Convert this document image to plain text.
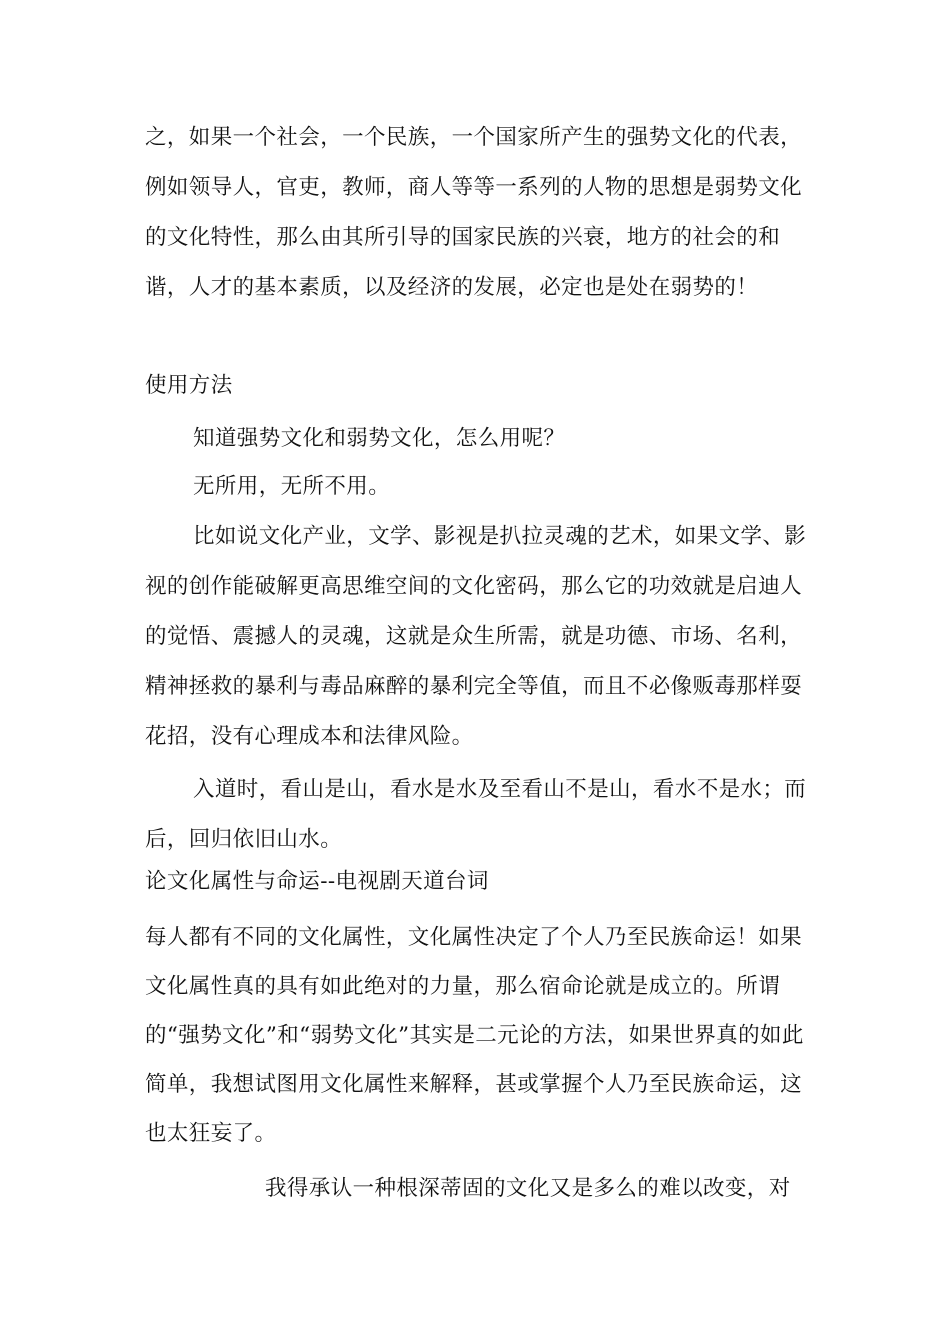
之，如果一个社会，一个民族，一个国家所产生的强势文化的代表，例如领导人，官吏，教师，商人等等一系列的人物的思想是弱势文化的文化特性，那么由其所引导的国家民族的兴衰，地方的社会的和谐，人才的基本素质，以及经济的发展，必定也是处在弱势的！

使用方法

知道强势文化和弱势文化，怎么用呢？

无所用，无所不用。

比如说文化产业，文学、影视是扒拉灵魂的艺术，如果文学、影视的创作能破解更高思维空间的文化密码，那么它的功效就是启迪人的觉悟、震撼人的灵魂，这就是众生所需，就是功德、市场、名利，精神拯救的暴利与毒品麻醉的暴利完全等值，而且不必像贩毒那样耍花招，没有心理成本和法律风险。

入道时，看山是山，看水是水及至看山不是山，看水不是水；而后，回归依旧山水。

论文化属性与命运--电视剧天道台词

每人都有不同的文化属性，文化属性决定了个人乃至民族命运！如果文化属性真的具有如此绝对的力量，那么宿命论就是成立的。所谓的“强势文化”和“弱势文化”其实是二元论的方法，如果世界真的如此简单，我想试图用文化属性来解释，甚或掌握个人乃至民族命运，这也太狂妄了。

我得承认一种根深蒂固的文化又是多么的难以改变，对
